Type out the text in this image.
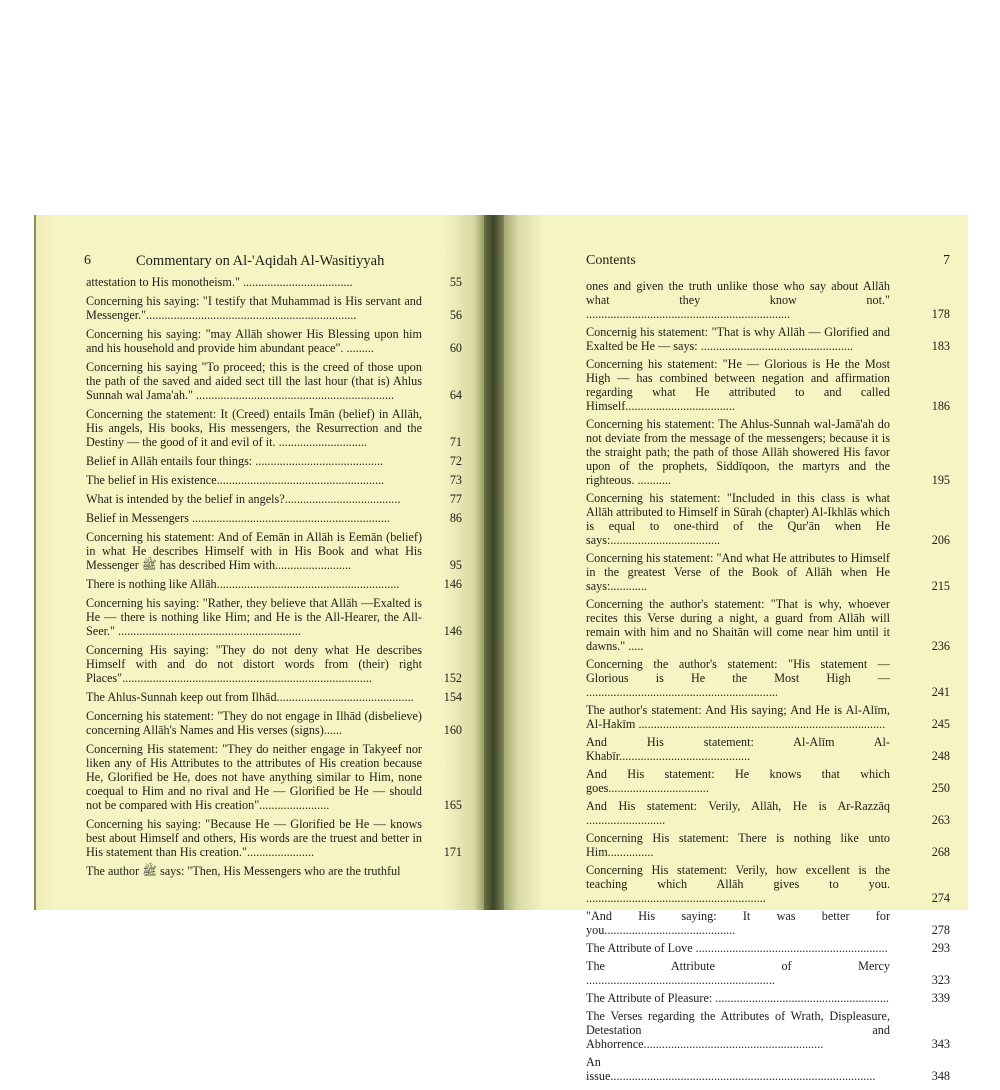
6	Commentary on Al-'Aqidah Al-Wasitiyyah
attestation to His monotheism." ....................................	55
Concerning his saying: "I testify that Muhammad is His servant and Messenger.".....................................................................	56
Concerning his saying: "may Allāh shower His Blessing upon him and his household and provide him abundant peace". .........	60
Concerning his saying "To proceed; this is the creed of those upon the path of the saved and aided sect till the last hour (that is) Ahlus Sunnah wal Jama'ah." .................................................................	64
Concerning the statement: It (Creed) entails Īmān (belief) in Allāh, His angels, His books, His messengers, the Resurrection and the Destiny — the good of it and evil of it. .............................	71
Belief in Allāh entails four things: ..........................................	72
The belief in His existence.......................................................	73
What is intended by the belief in angels?......................................	77
Belief in Messengers .................................................................	86
Concerning his statement: And of Eemān in Allāh is Eemān (belief) in what He describes Himself with in His Book and what His Messenger ﷺ has described Him with.........................	95
There is nothing like Allāh............................................................	146
Concerning his saying: "Rather, they believe that Allāh —Exalted is He — there is nothing like Him; and He is the All-Hearer, the All-Seer." ............................................................	146
Concerning His saying: "They do not deny what He describes Himself with and do not distort words from (their) right Places"..................................................................................	152
The Ahlus-Sunnah keep out from Ilhād.............................................	154
Concerning his statement: "They do not engage in Ilhād (disbelieve) concerning Allāh's Names and His verses (signs)......	160
Concerning His statement: "They do neither engage in Takyeef nor liken any of His Attributes to the attributes of His creation because He, Glorified be He, does not have anything similar to Him, none coequal to Him and no rival and He — Glorified be He — should not be compared with His creation".......................	165
Concerning his saying: "Because He — Glorified be He — knows best about Himself and others, His words are the truest and better in His statement than His creation."......................	171
The author ﷺ says: "Then, His Messengers who are the truthful
Contents	7
ones and given the truth unlike those who say about Allāh what they know not." ...................................................................	178
Concernig his statement: "That is why Allāh — Glorified and Exalted be He — says: ..................................................	183
Concerning his statement: "He — Glorious is He the Most High — has combined between negation and affirmation regarding what He attributed to and called Himself....................................	186
Concerning his statement: The Ahlus-Sunnah wal-Jamā'ah do not deviate from the message of the messengers; because it is the straight path; the path of those Allāh showered His favor upon of the prophets, Siddīqoon, the martyrs and the righteous. ...........	195
Concerning his statement: "Included in this class is what Allāh attributed to Himself in Sūrah (chapter) Al-Ikhlās which is equal to one-third of the Qur'ān when He says:....................................	206
Concerning his statement: "And what He attributes to Himself in the greatest Verse of the Book of Allāh when He says:............	215
Concerning the author's statement: "That is why, whoever recites this Verse during a night, a guard from Allāh will remain with him and no Shaitān will come near him until it dawns." .....	236
Concerning the author's statement: "His statement — Glorious is He the Most High — ...............................................................	241
The author's statement: And His saying; And He is Al-Alīm, Al-Hakīm .................................................................................	245
And His statement: Al-Alīm Al-Khabīr...........................................	248
And His statement: He knows that which goes.................................	250
And His statement: Verily, Allāh, He is Ar-Razzāq ..........................	263
Concerning His statement: There is nothing like unto Him...............	268
Concerning His statement: Verily, how excellent is the teaching which Allāh gives to you. ...........................................................	274
"And His saying: It was better for you...........................................	278
The Attribute of Love ...............................................................	293
The Attribute of Mercy ..............................................................	323
The Attribute of Pleasure: .........................................................	339
The Verses regarding the Attributes of Wrath, Displeasure, Detestation and Abhorrence...........................................................	343
An issue.......................................................................................	348
